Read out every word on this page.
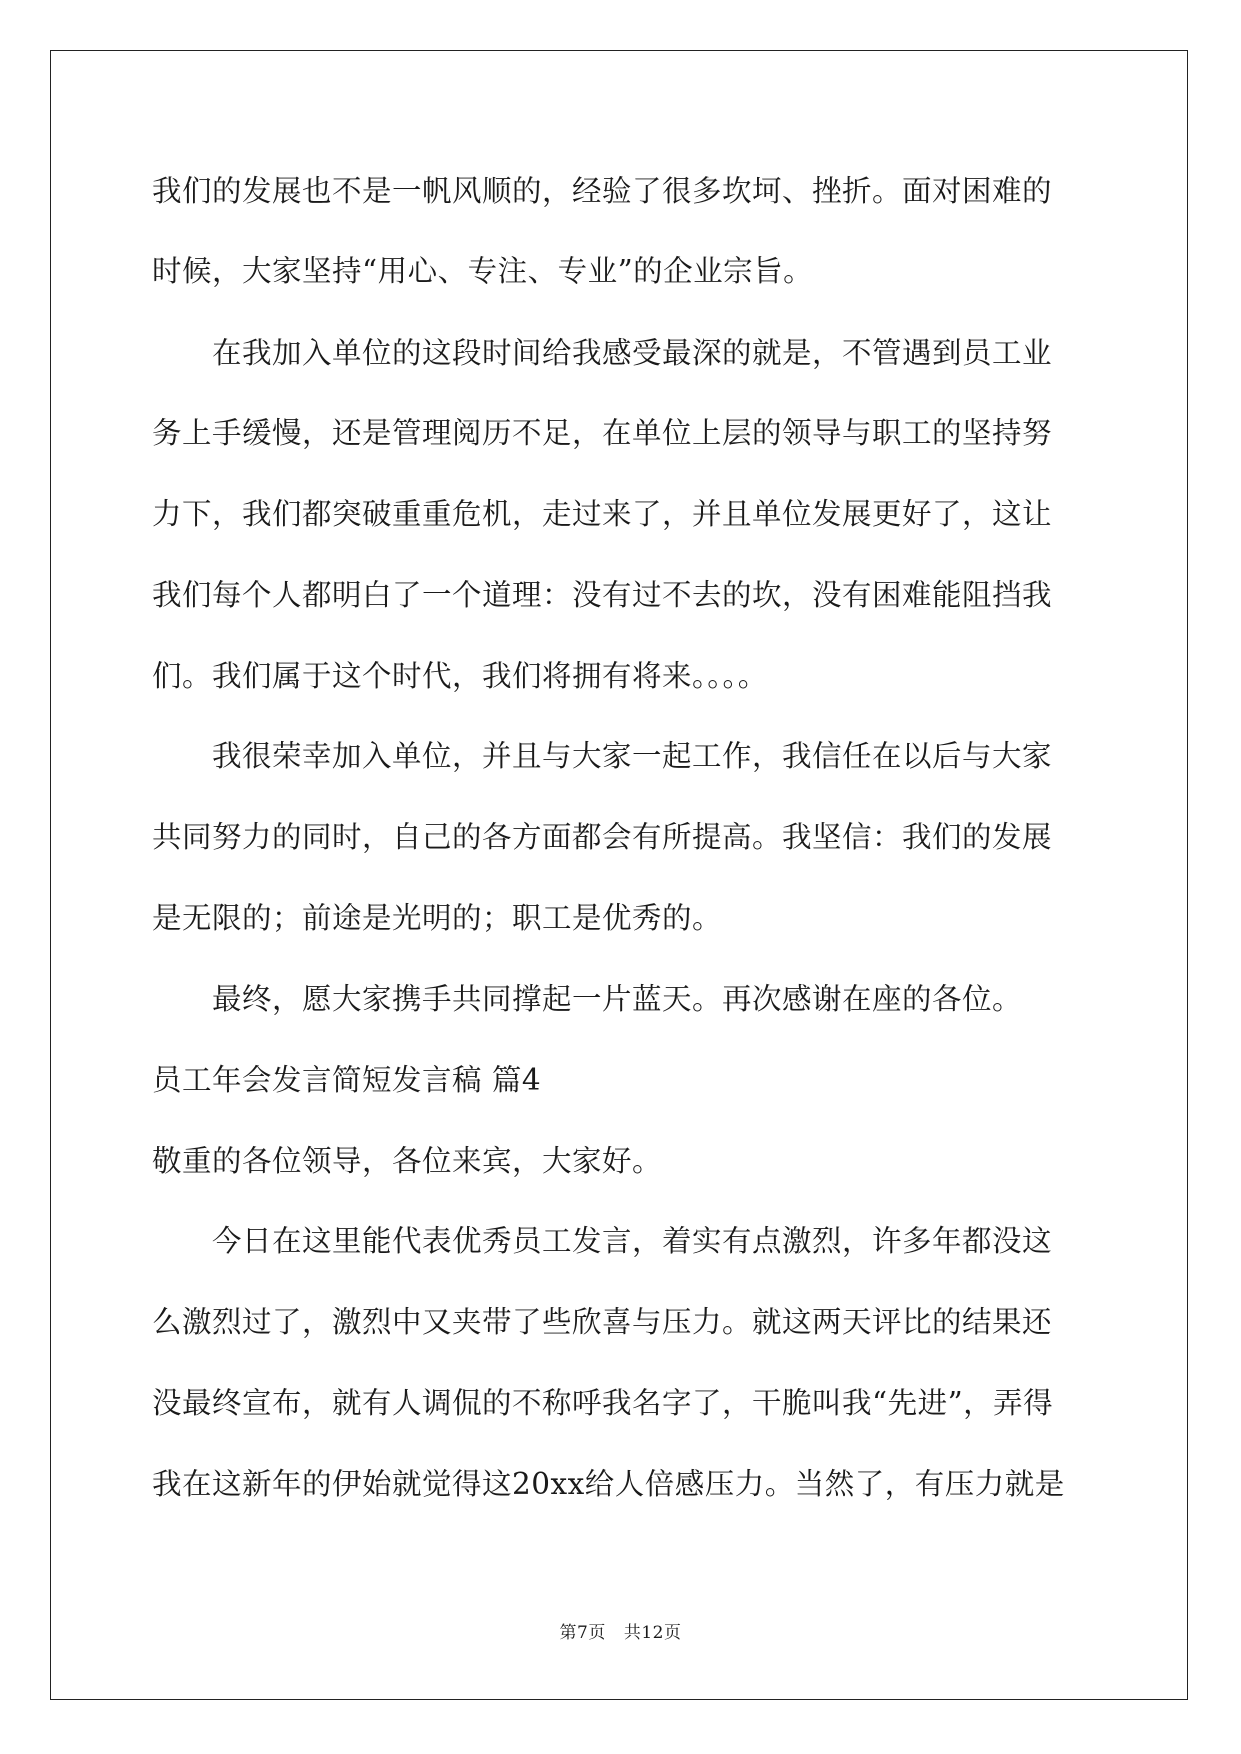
我们的发展也不是一帆风顺的，经验了很多坎坷、挫折。面对困难的
时候，大家坚持“用心、专注、专业”的企业宗旨。
　　在我加入单位的这段时间给我感受最深的就是，不管遇到员工业
务上手缓慢，还是管理阅历不足，在单位上层的领导与职工的坚持努
力下，我们都突破重重危机，走过来了，并且单位发展更好了，这让
我们每个人都明白了一个道理：没有过不去的坎，没有困难能阻挡我
们。我们属于这个时代，我们将拥有将来。。。。
　　我很荣幸加入单位，并且与大家一起工作，我信任在以后与大家
共同努力的同时，自己的各方面都会有所提高。我坚信：我们的发展
是无限的；前途是光明的；职工是优秀的。
　　最终，愿大家携手共同撑起一片蓝天。再次感谢在座的各位。
员工年会发言简短发言稿 篇4
敬重的各位领导，各位来宾，大家好。
　　今日在这里能代表优秀员工发言，着实有点激烈，许多年都没这
么激烈过了，激烈中又夹带了些欣喜与压力。就这两天评比的结果还
没最终宣布，就有人调侃的不称呼我名字了，干脆叫我“先进”，弄得
我在这新年的伊始就觉得这20xx给人倍感压力。当然了，有压力就是
第7页 共12页
